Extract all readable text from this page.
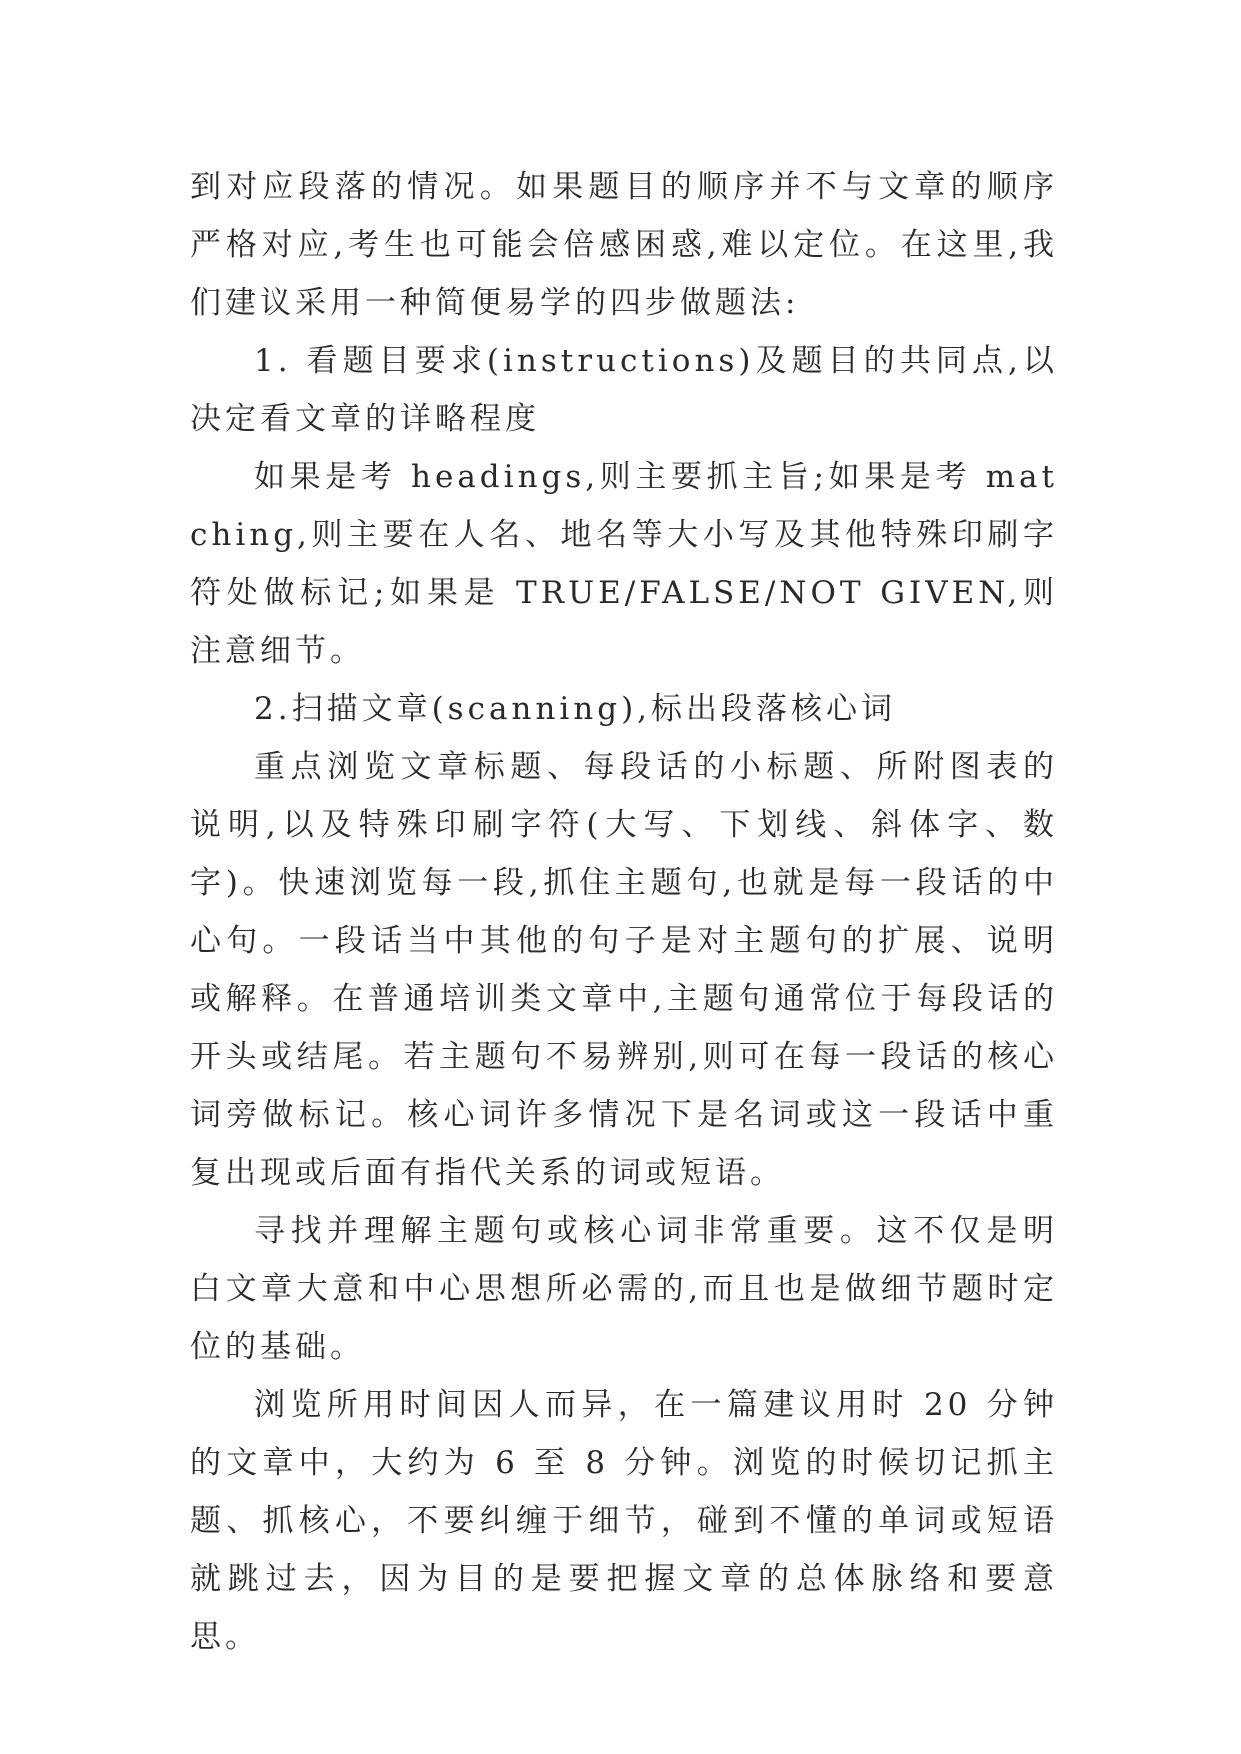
到对应段落的情况。如果题目的顺序并不与文章的顺序严格对应,考生也可能会倍感困惑,难以定位。在这里,我们建议采用一种简便易学的四步做题法:

1. 看题目要求(instructions)及题目的共同点,以决定看文章的详略程度

如果是考 headings,则主要抓主旨;如果是考 matching,则主要在人名、地名等大小写及其他特殊印刷字符处做标记;如果是 TRUE/FALSE/NOT GIVEN,则注意细节。

2.扫描文章(scanning),标出段落核心词

重点浏览文章标题、每段话的小标题、所附图表的说明,以及特殊印刷字符(大写、下划线、斜体字、数字)。快速浏览每一段,抓住主题句,也就是每一段话的中心句。一段话当中其他的句子是对主题句的扩展、说明或解释。在普通培训类文章中,主题句通常位于每段话的开头或结尾。若主题句不易辨别,则可在每一段话的核心词旁做标记。核心词许多情况下是名词或这一段话中重复出现或后面有指代关系的词或短语。

寻找并理解主题句或核心词非常重要。这不仅是明白文章大意和中心思想所必需的,而且也是做细节题时定位的基础。

浏览所用时间因人而异，在一篇建议用时 20 分钟的文章中，大约为 6 至 8 分钟。浏览的时候切记抓主题、抓核心，不要纠缠于细节，碰到不懂的单词或短语就跳过去，因为目的是要把握文章的总体脉络和要意思。
